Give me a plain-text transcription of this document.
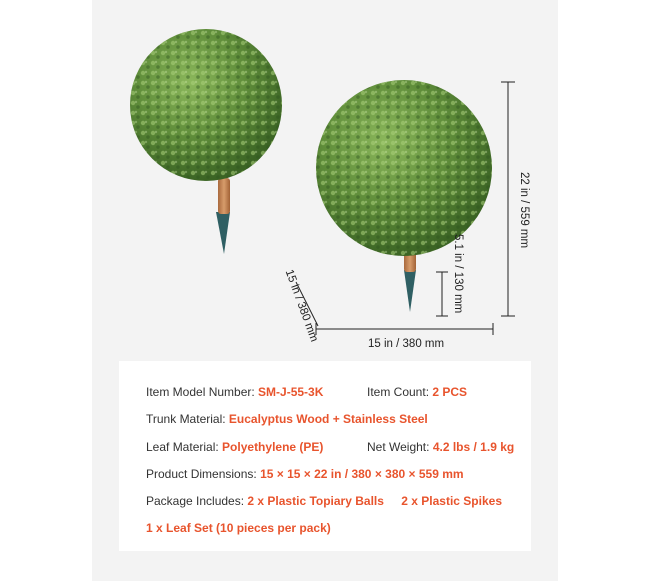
22 in / 559 mm
5.1 in / 130 mm
15 in / 380 mm
15 in / 380 mm
Item Model Number: SM-J-55-3K	Item Count: 2 PCS
Trunk Material: Eucalyptus Wood + Stainless Steel
Leaf Material: Polyethylene (PE)	Net Weight: 4.2 lbs / 1.9 kg
Product Dimensions: 15 × 15 × 22 in / 380 × 380 × 559 mm
Package Includes: 2 x Plastic Topiary Balls 2 x Plastic Spikes
1 x Leaf Set (10 pieces per pack)
